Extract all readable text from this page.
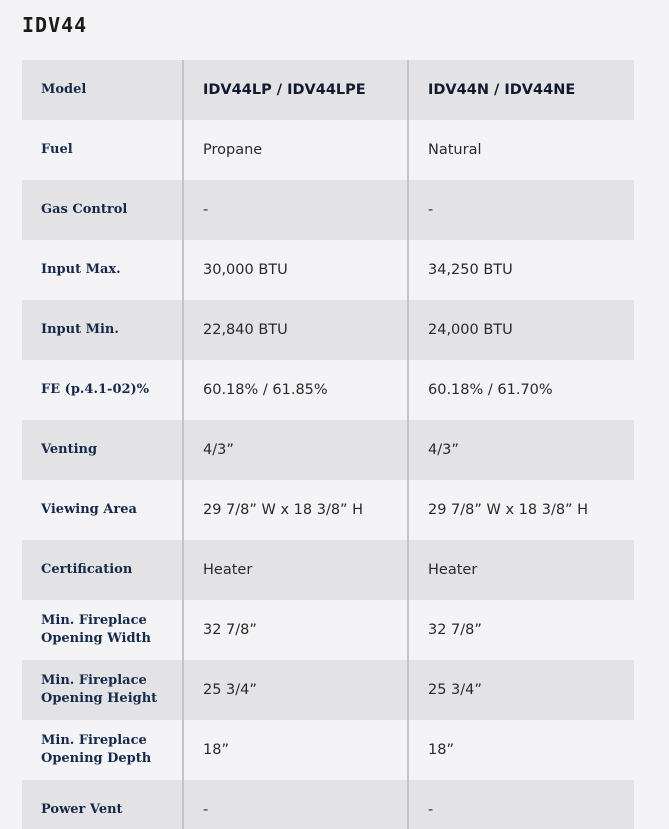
IDV44
Model	IDV44LP / IDV44LPE	IDV44N / IDV44NE
Fuel	Propane	Natural
Gas Control	-	-
Input Max.	30,000 BTU	34,250 BTU
Input Min.	22,840 BTU	24,000 BTU
FE (p.4.1-02)%	60.18% / 61.85%	60.18% / 61.70%
Venting	4/3”	4/3”
Viewing Area	29 7/8” W x 18 3/8” H	29 7/8” W x 18 3/8” H
Certification	Heater	Heater
Min. Fireplace Opening Width	32 7/8”	32 7/8”
Min. Fireplace Opening Height	25 3/4”	25 3/4”
Min. Fireplace Opening Depth	18”	18”
Power Vent	-	-
